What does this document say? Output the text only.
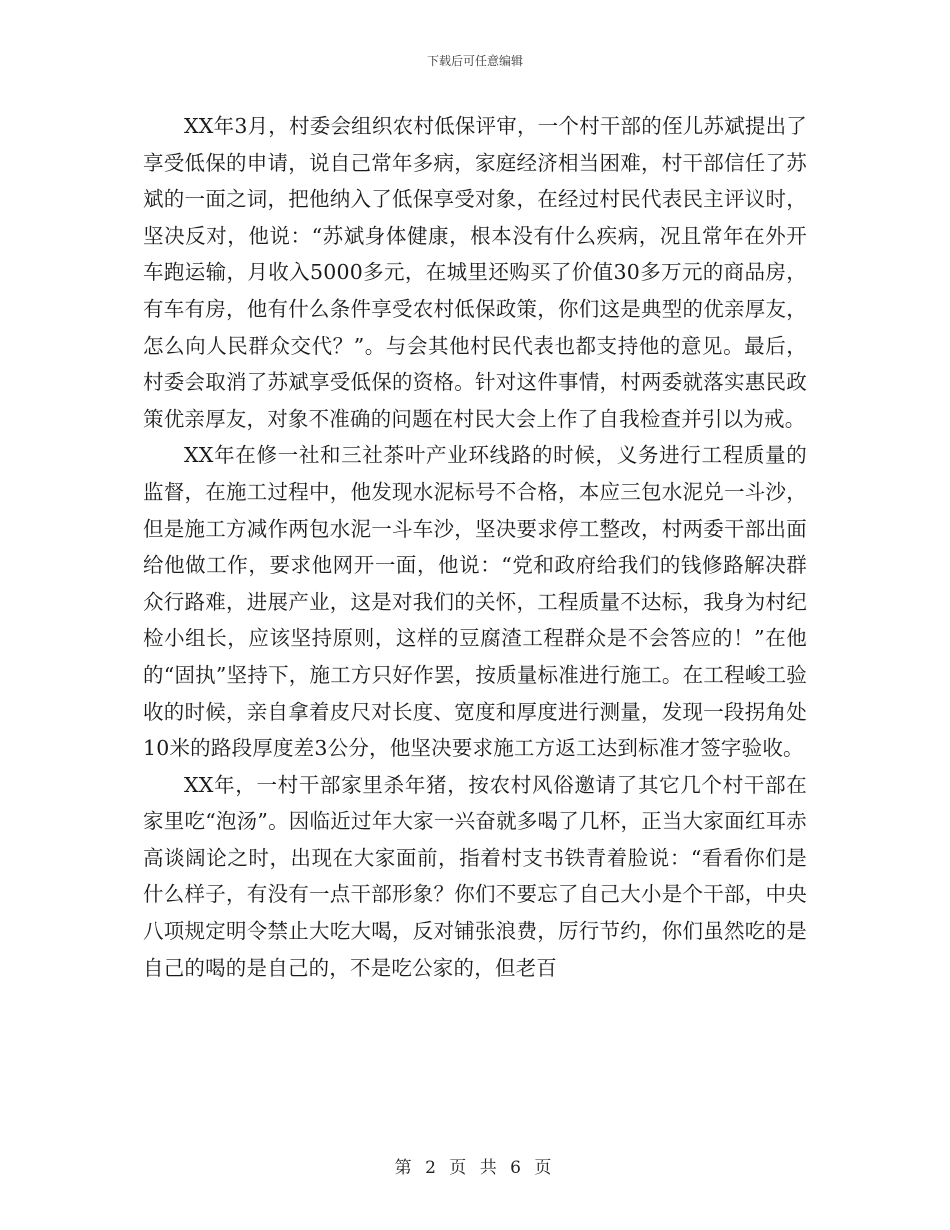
下载后可任意编辑

XX年3月，村委会组织农村低保评审，一个村干部的侄儿苏斌提出了享受低保的申请，说自己常年多病，家庭经济相当困难，村干部信任了苏斌的一面之词，把他纳入了低保享受对象，在经过村民代表民主评议时，坚决反对，他说：“苏斌身体健康，根本没有什么疾病，况且常年在外开车跑运输，月收入5000多元，在城里还购买了价值30多万元的商品房，有车有房，他有什么条件享受农村低保政策，你们这是典型的优亲厚友，怎么向人民群众交代？”。与会其他村民代表也都支持他的意见。最后，村委会取消了苏斌享受低保的资格。针对这件事情，村两委就落实惠民政策优亲厚友，对象不准确的问题在村民大会上作了自我检查并引以为戒。

XX年在修一社和三社茶叶产业环线路的时候，义务进行工程质量的监督，在施工过程中，他发现水泥标号不合格，本应三包水泥兑一斗沙，但是施工方减作两包水泥一斗车沙，坚决要求停工整改，村两委干部出面给他做工作，要求他网开一面，他说：“党和政府给我们的钱修路解决群众行路难，进展产业，这是对我们的关怀，工程质量不达标，我身为村纪检小组长，应该坚持原则，这样的豆腐渣工程群众是不会答应的！”在他的“固执”坚持下，施工方只好作罢，按质量标准进行施工。在工程峻工验收的时候，亲自拿着皮尺对长度、宽度和厚度进行测量，发现一段拐角处10米的路段厚度差3公分，他坚决要求施工方返工达到标准才签字验收。

XX年，一村干部家里杀年猪，按农村风俗邀请了其它几个村干部在家里吃“泡汤”。因临近过年大家一兴奋就多喝了几杯，正当大家面红耳赤高谈阔论之时，出现在大家面前，指着村支书铁青着脸说：“看看你们是什么样子，有没有一点干部形象？你们不要忘了自己大小是个干部，中央八项规定明令禁止大吃大喝，反对铺张浪费，厉行节约，你们虽然吃的是自己的喝的是自己的，不是吃公家的，但老百

第 2 页 共 6 页
